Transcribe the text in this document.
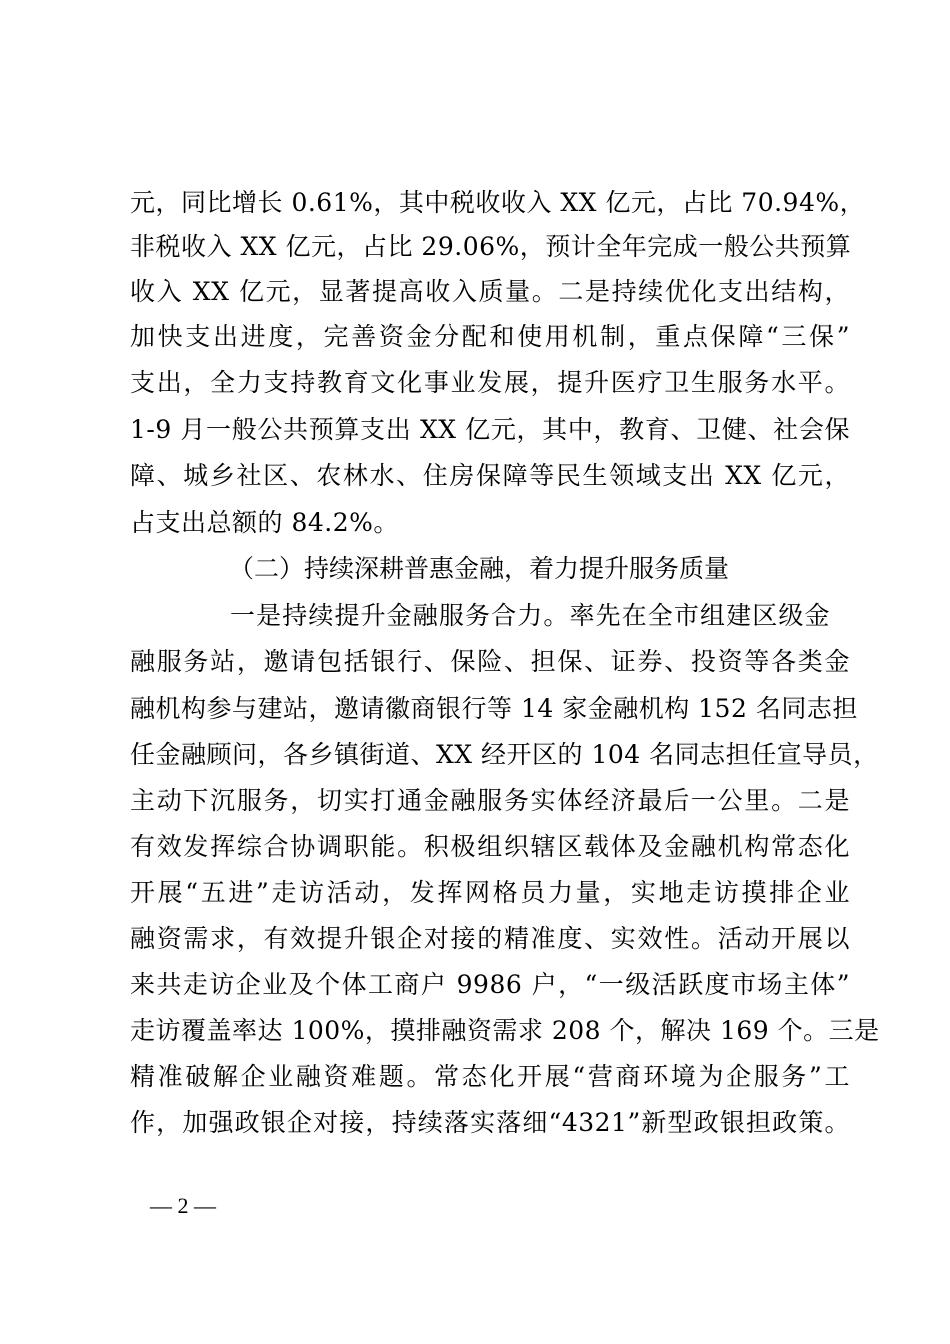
元，同比增长 0.61%，其中税收收入 XX 亿元，占比 70.94%，
非税收入 XX 亿元，占比 29.06%，预计全年完成一般公共预算
收入 XX 亿元，显著提高收入质量。二是持续优化支出结构，
加快支出进度，完善资金分配和使用机制，重点保障“三保”
支出，全力支持教育文化事业发展，提升医疗卫生服务水平。
1-9 月一般公共预算支出 XX 亿元，其中，教育、卫健、社会保
障、城乡社区、农林水、住房保障等民生领域支出 XX 亿元，
占支出总额的 84.2%。
（二）持续深耕普惠金融，着力提升服务质量
一是持续提升金融服务合力。率先在全市组建区级金
融服务站，邀请包括银行、保险、担保、证券、投资等各类金
融机构参与建站，邀请徽商银行等 14 家金融机构 152 名同志担
任金融顾问，各乡镇街道、XX 经开区的 104 名同志担任宣导员，
主动下沉服务，切实打通金融服务实体经济最后一公里。二是
有效发挥综合协调职能。积极组织辖区载体及金融机构常态化
开展“五进”走访活动，发挥网格员力量，实地走访摸排企业
融资需求，有效提升银企对接的精准度、实效性。活动开展以
来共走访企业及个体工商户 9986 户，“一级活跃度市场主体”
走访覆盖率达 100%，摸排融资需求 208 个，解决 169 个。三是
精准破解企业融资难题。常态化开展“营商环境为企服务”工
作，加强政银企对接，持续落实落细“4321”新型政银担政策。
— 2 —
